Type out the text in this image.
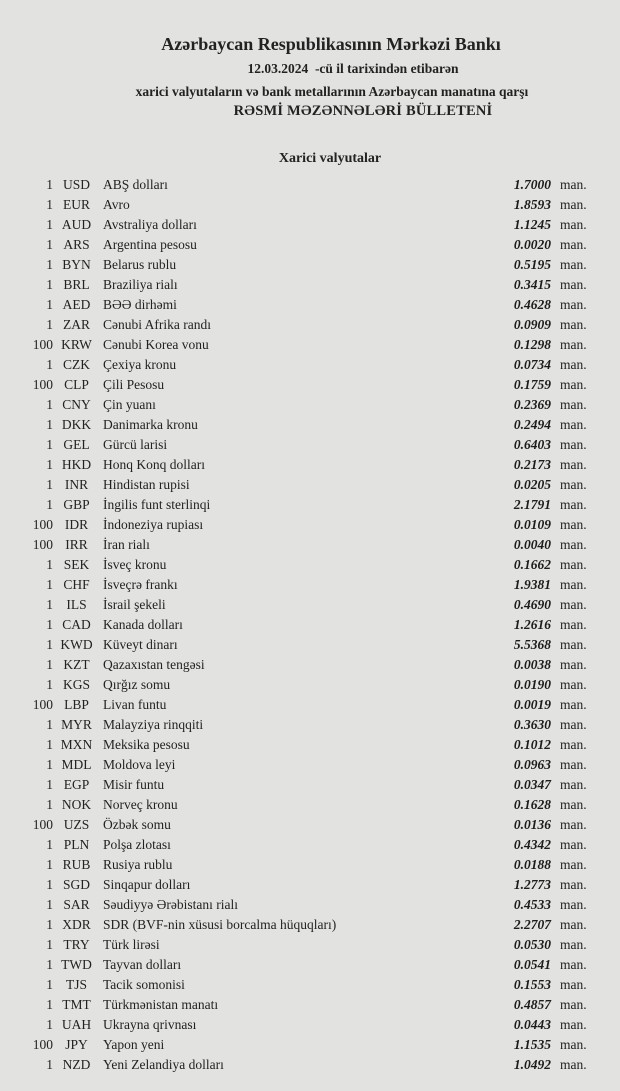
Azərbaycan Respublikasının Mərkəzi Bankı
12.03.2024  -cü il tarixindən etibarən
xarici valyutaların və bank metallarının Azərbaycan manatına qarşı
RƏSMİ MƏZƏNNƏLƏRİ BÜLLETENİ
Xarici valyutalar
1 USD ABŞ dolları	1.7000 man.
1 EUR Avro	1.8593 man.
1 AUD Avstraliya dolları	1.1245 man.
1 ARS Argentina pesosu	0.0020 man.
1 BYN Belarus rublu	0.5195 man.
1 BRL Braziliya rialı	0.3415 man.
1 AED BƏƏ dirhəmi	0.4628 man.
1 ZAR Cənubi Afrika randı	0.0909 man.
100 KRW Cənubi Korea vonu	0.1298 man.
1 CZK Çexiya kronu	0.0734 man.
100 CLP	Çili Pesosu	0.1759 man.
1 CNY Çin yuanı	0.2369 man.
1 DKK Danimarka kronu	0.2494 man.
1 GEL Gürcü larisi	0.6403 man.
1 HKD Honq Konq dolları	0.2173 man.
1 INR	Hindistan rupisi	0.0205 man.
1 GBP İngilis funt sterlinqi	2.1791 man.
100 IDR	İndoneziya rupiası	0.0109 man.
100 IRR	İran rialı	0.0040 man.
1 SEK	İsveç kronu	0.1662 man.
1 CHF İsveçrə frankı	1.9381 man.
1 ILS	İsrail şekeli	0.4690 man.
1 CAD Kanada dolları	1.2616 man.
1 KWD Küveyt dinarı	5.5368 man.
1 KZT Qazaxıstan tengəsi	0.0038 man.
1 KGS Qırğız somu	0.0190 man.
100 LBP	Livan funtu	0.0019 man.
1 MYR Malayziya rinqqiti	0.3630 man.
1 MXN Meksika pesosu	0.1012 man.
1 MDL Moldova leyi	0.0963 man.
1 EGP	Misir funtu	0.0347 man.
1 NOK Norveç kronu	0.1628 man.
100 UZS	Özbək somu	0.0136 man.
1 PLN	Polşa zlotası	0.4342 man.
1 RUB Rusiya rublu	0.0188 man.
1 SGD Sinqapur dolları	1.2773 man.
1 SAR Səudiyyə Ərəbistanı rialı	0.4533 man.
1 XDR SDR (BVF-nin xüsusi borcalma hüquqları)	2.2707 man.
1 TRY Türk lirəsi	0.0530 man.
1 TWD Tayvan dolları	0.0541 man.
1 TJS	Tacik somonisi	0.1553 man.
1 TMT Türkmənistan manatı	0.4857 man.
1 UAH Ukrayna qrivnası	0.0443 man.
100 JPY	Yapon yeni	1.1535 man.
1 NZD Yeni Zelandiya dolları	1.0492 man.
